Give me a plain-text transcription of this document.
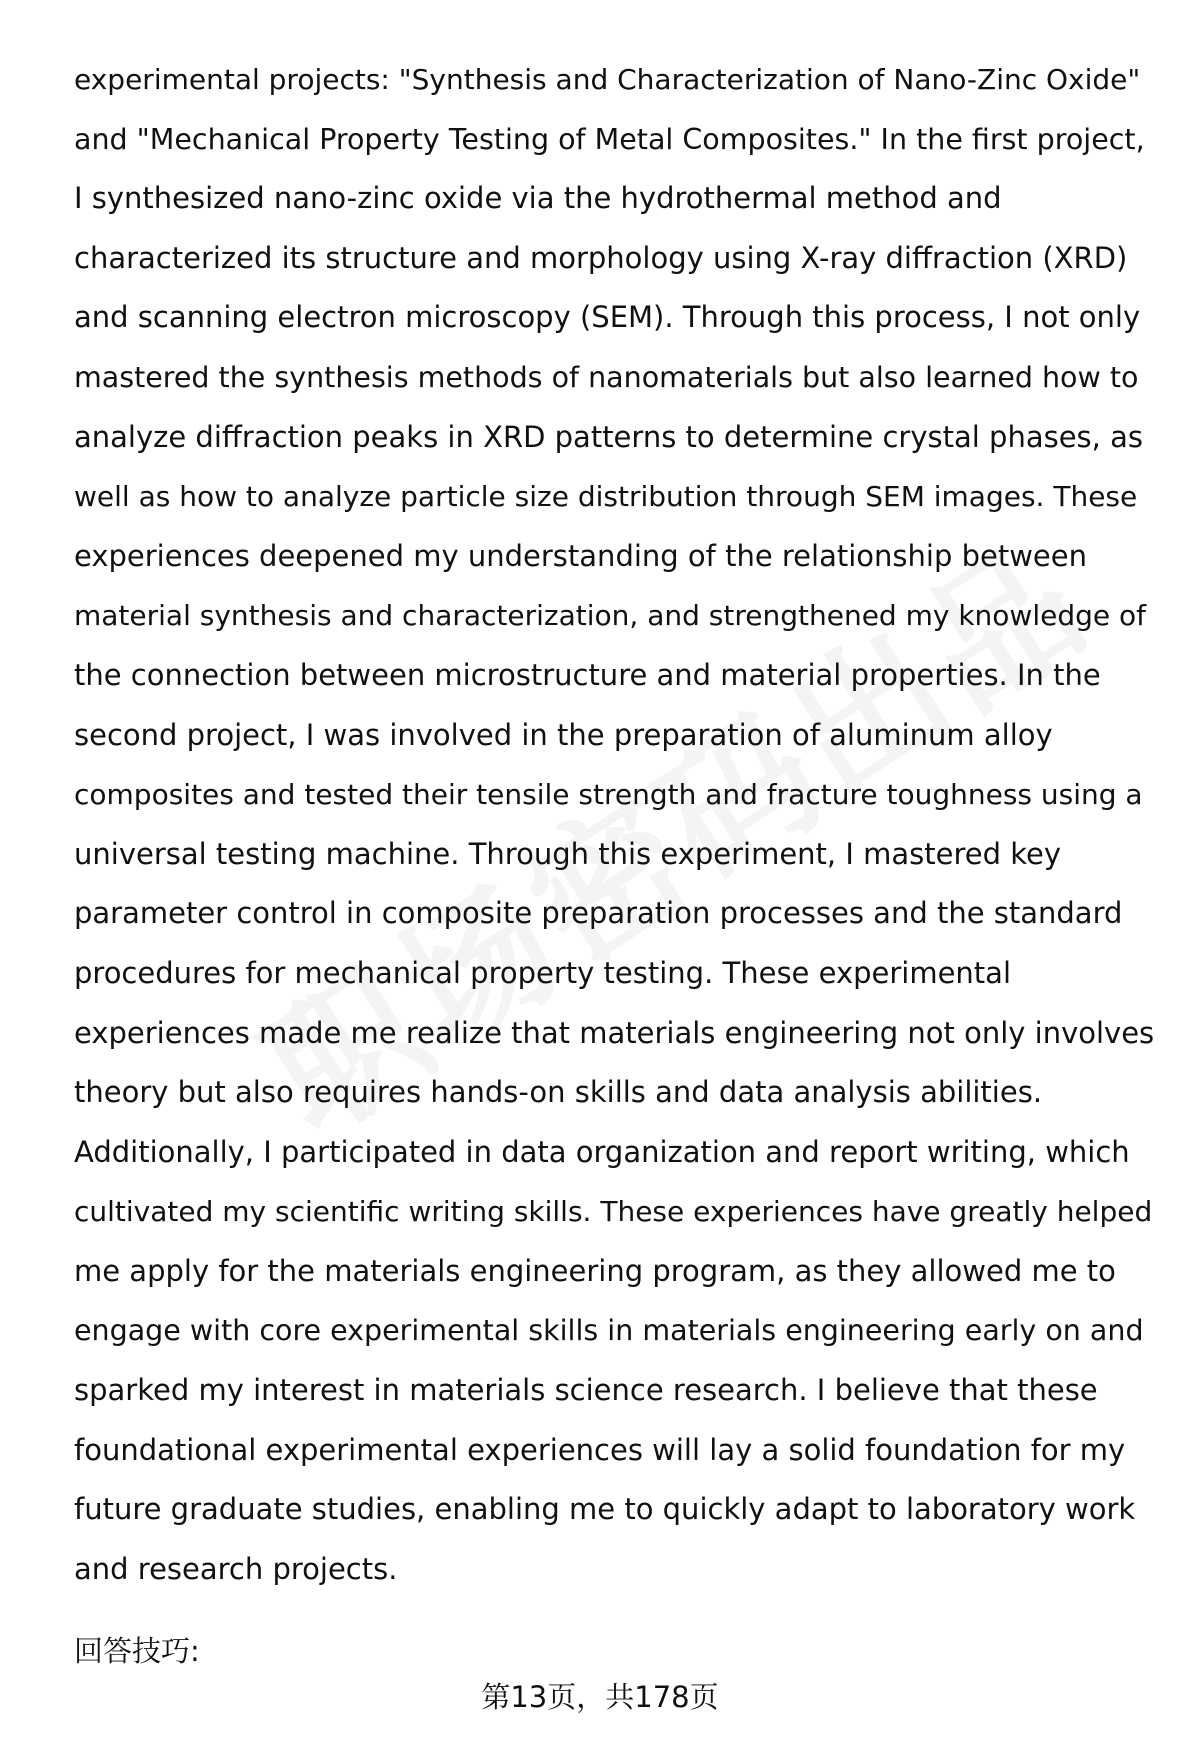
experimental projects: "Synthesis and Characterization of Nano-Zinc Oxide"
and "Mechanical Property Testing of Metal Composites." In the first project,
I synthesized nano-zinc oxide via the hydrothermal method and
characterized its structure and morphology using X-ray diffraction (XRD)
and scanning electron microscopy (SEM). Through this process, I not only
mastered the synthesis methods of nanomaterials but also learned how to
analyze diffraction peaks in XRD patterns to determine crystal phases, as
well as how to analyze particle size distribution through SEM images. These
experiences deepened my understanding of the relationship between
material synthesis and characterization, and strengthened my knowledge of
the connection between microstructure and material properties. In the
second project, I was involved in the preparation of aluminum alloy
composites and tested their tensile strength and fracture toughness using a
universal testing machine. Through this experiment, I mastered key
parameter control in composite preparation processes and the standard
procedures for mechanical property testing. These experimental
experiences made me realize that materials engineering not only involves
theory but also requires hands-on skills and data analysis abilities.
Additionally, I participated in data organization and report writing, which
cultivated my scientific writing skills. These experiences have greatly helped
me apply for the materials engineering program, as they allowed me to
engage with core experimental skills in materials engineering early on and
sparked my interest in materials science research. I believe that these
foundational experimental experiences will lay a solid foundation for my
future graduate studies, enabling me to quickly adapt to laboratory work
and research projects.
回答技巧:
第13页，共178页
